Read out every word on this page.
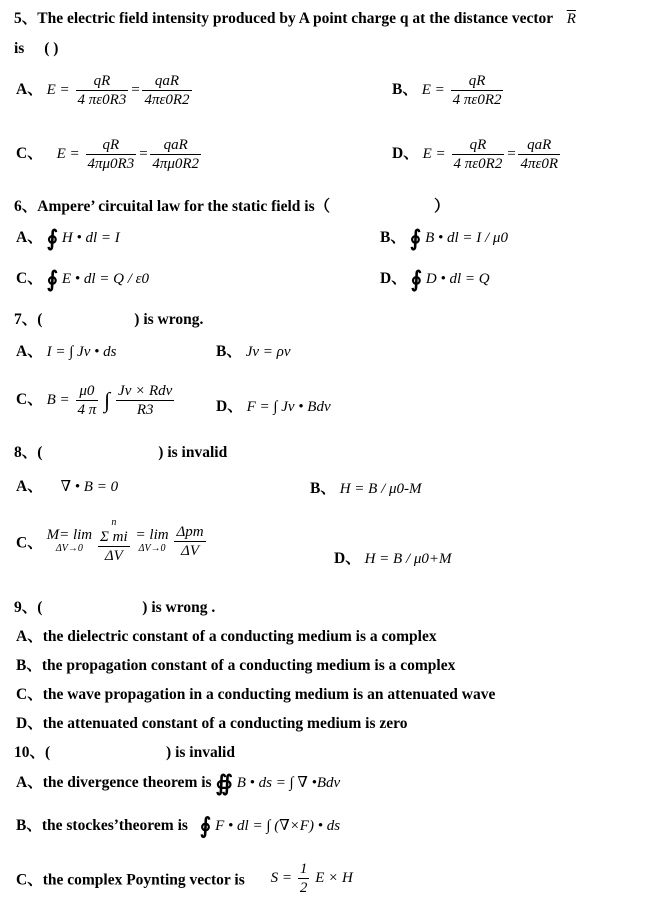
5、The electric field intensity produced by A point charge q at the distance vector $\overline{R}$
is ( )
A、 $E = \frac{qR}{4 \pi\varepsilon 0R3} = \frac{\text{qaR}}{4\pi\varepsilon 0R2}$	B、 $E = \frac{qR}{4 \pi\varepsilon 0R2}$
C、 $E = \frac{qR}{4\pi\mu 0R3} = \frac{\text{qaR}}{4\pi\mu 0R2}$	D、 $E = \frac{qR}{4 \pi\varepsilon 0R2} = \frac{\text{qaR}}{4\pi\varepsilon 0R}$
6、Ampere’ circuital law for the static field is（	）
A、 ∮ H • dl = I	B、 ∮ B • dl = I / μ0
C、 ∮ E • dl = Q / ε0	D、 ∮ D • dl = Q
7、(	) is wrong.
A、 I = ∫ Jv • ds	B、 Jv = ρv
C、 $B = \frac{\mu 0}{4 \pi}$ ∫ $\frac{\text{Jv × Rdv}}{R3}$	D、 F = ∫ Jv • Bdv
8、(	) is invalid
A、 ∇ • B = 0	B、 H = B / μ0-M
C、 M= lim
ΔV→0

n
Σ mi
ΔV
= lim
ΔV→0
$\frac{\text{Δpm}}{\Delta V}$	D、 H = B / μ0+M
9、(	) is wrong .
A、the dielectric constant of a conducting medium is a complex
B、the propagation constant of a conducting medium is a complex
C、the wave propagation in a conducting medium is an attenuated wave
D、the attenuated constant of a conducting medium is zero
10、(	) is invalid
A、the divergence theorem is ∯ B • ds = ∫ ∇ •Bdv
B、the stockes’theorem is ∮ F • dl = ∫ (∇×F) • ds
C、the complex Poynting vector is $S = \frac{1}{2}$ E × H
